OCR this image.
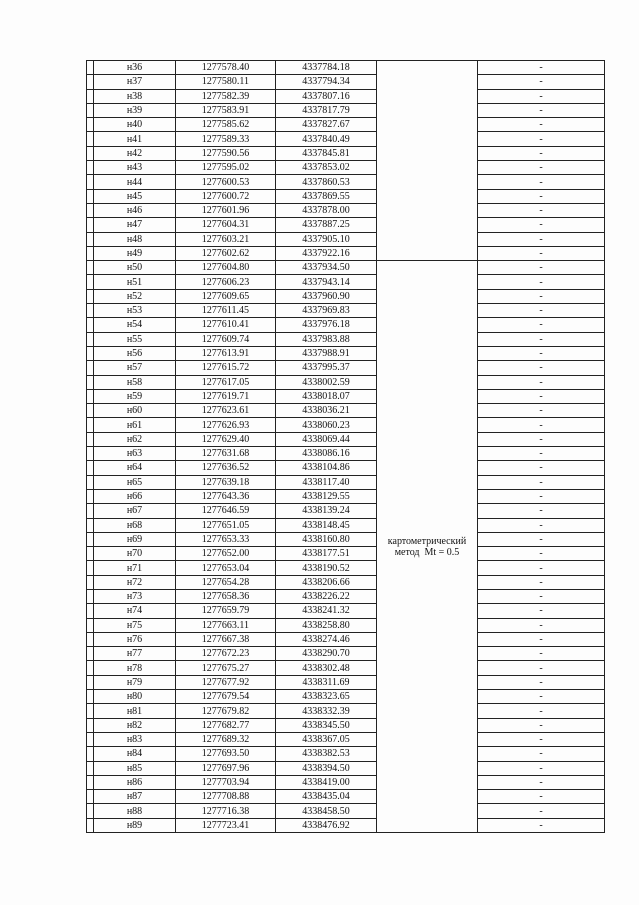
	н36	1277578.40	4337784.18		-
	н37	1277580.11	4337794.34		-
	н38	1277582.39	4337807.16		-
	н39	1277583.91	4337817.79		-
	н40	1277585.62	4337827.67		-
	н41	1277589.33	4337840.49		-
	н42	1277590.56	4337845.81		-
	н43	1277595.02	4337853.02		-
	н44	1277600.53	4337860.53		-
	н45	1277600.72	4337869.55		-
	н46	1277601.96	4337878.00		-
	н47	1277604.31	4337887.25		-
	н48	1277603.21	4337905.10		-
	н49	1277602.62	4337922.16		-
	н50	1277604.80	4337934.50	картометрический
метод  Mt = 0.5	-
	н51	1277606.23	4337943.14		-
	н52	1277609.65	4337960.90		-
	н53	1277611.45	4337969.83		-
	н54	1277610.41	4337976.18		-
	н55	1277609.74	4337983.88		-
	н56	1277613.91	4337988.91		-
	н57	1277615.72	4337995.37		-
	н58	1277617.05	4338002.59		-
	н59	1277619.71	4338018.07		-
	н60	1277623.61	4338036.21		-
	н61	1277626.93	4338060.23		-
	н62	1277629.40	4338069.44		-
	н63	1277631.68	4338086.16		-
	н64	1277636.52	4338104.86		-
	н65	1277639.18	4338117.40		-
	н66	1277643.36	4338129.55		-
	н67	1277646.59	4338139.24		-
	н68	1277651.05	4338148.45		-
	н69	1277653.33	4338160.80		-
	н70	1277652.00	4338177.51		-
	н71	1277653.04	4338190.52		-
	н72	1277654.28	4338206.66		-
	н73	1277658.36	4338226.22		-
	н74	1277659.79	4338241.32		-
	н75	1277663.11	4338258.80		-
	н76	1277667.38	4338274.46		-
	н77	1277672.23	4338290.70		-
	н78	1277675.27	4338302.48		-
	н79	1277677.92	4338311.69		-
	н80	1277679.54	4338323.65		-
	н81	1277679.82	4338332.39		-
	н82	1277682.77	4338345.50		-
	н83	1277689.32	4338367.05		-
	н84	1277693.50	4338382.53		-
	н85	1277697.96	4338394.50		-
	н86	1277703.94	4338419.00		-
	н87	1277708.88	4338435.04		-
	н88	1277716.38	4338458.50		-
	н89	1277723.41	4338476.92		-
